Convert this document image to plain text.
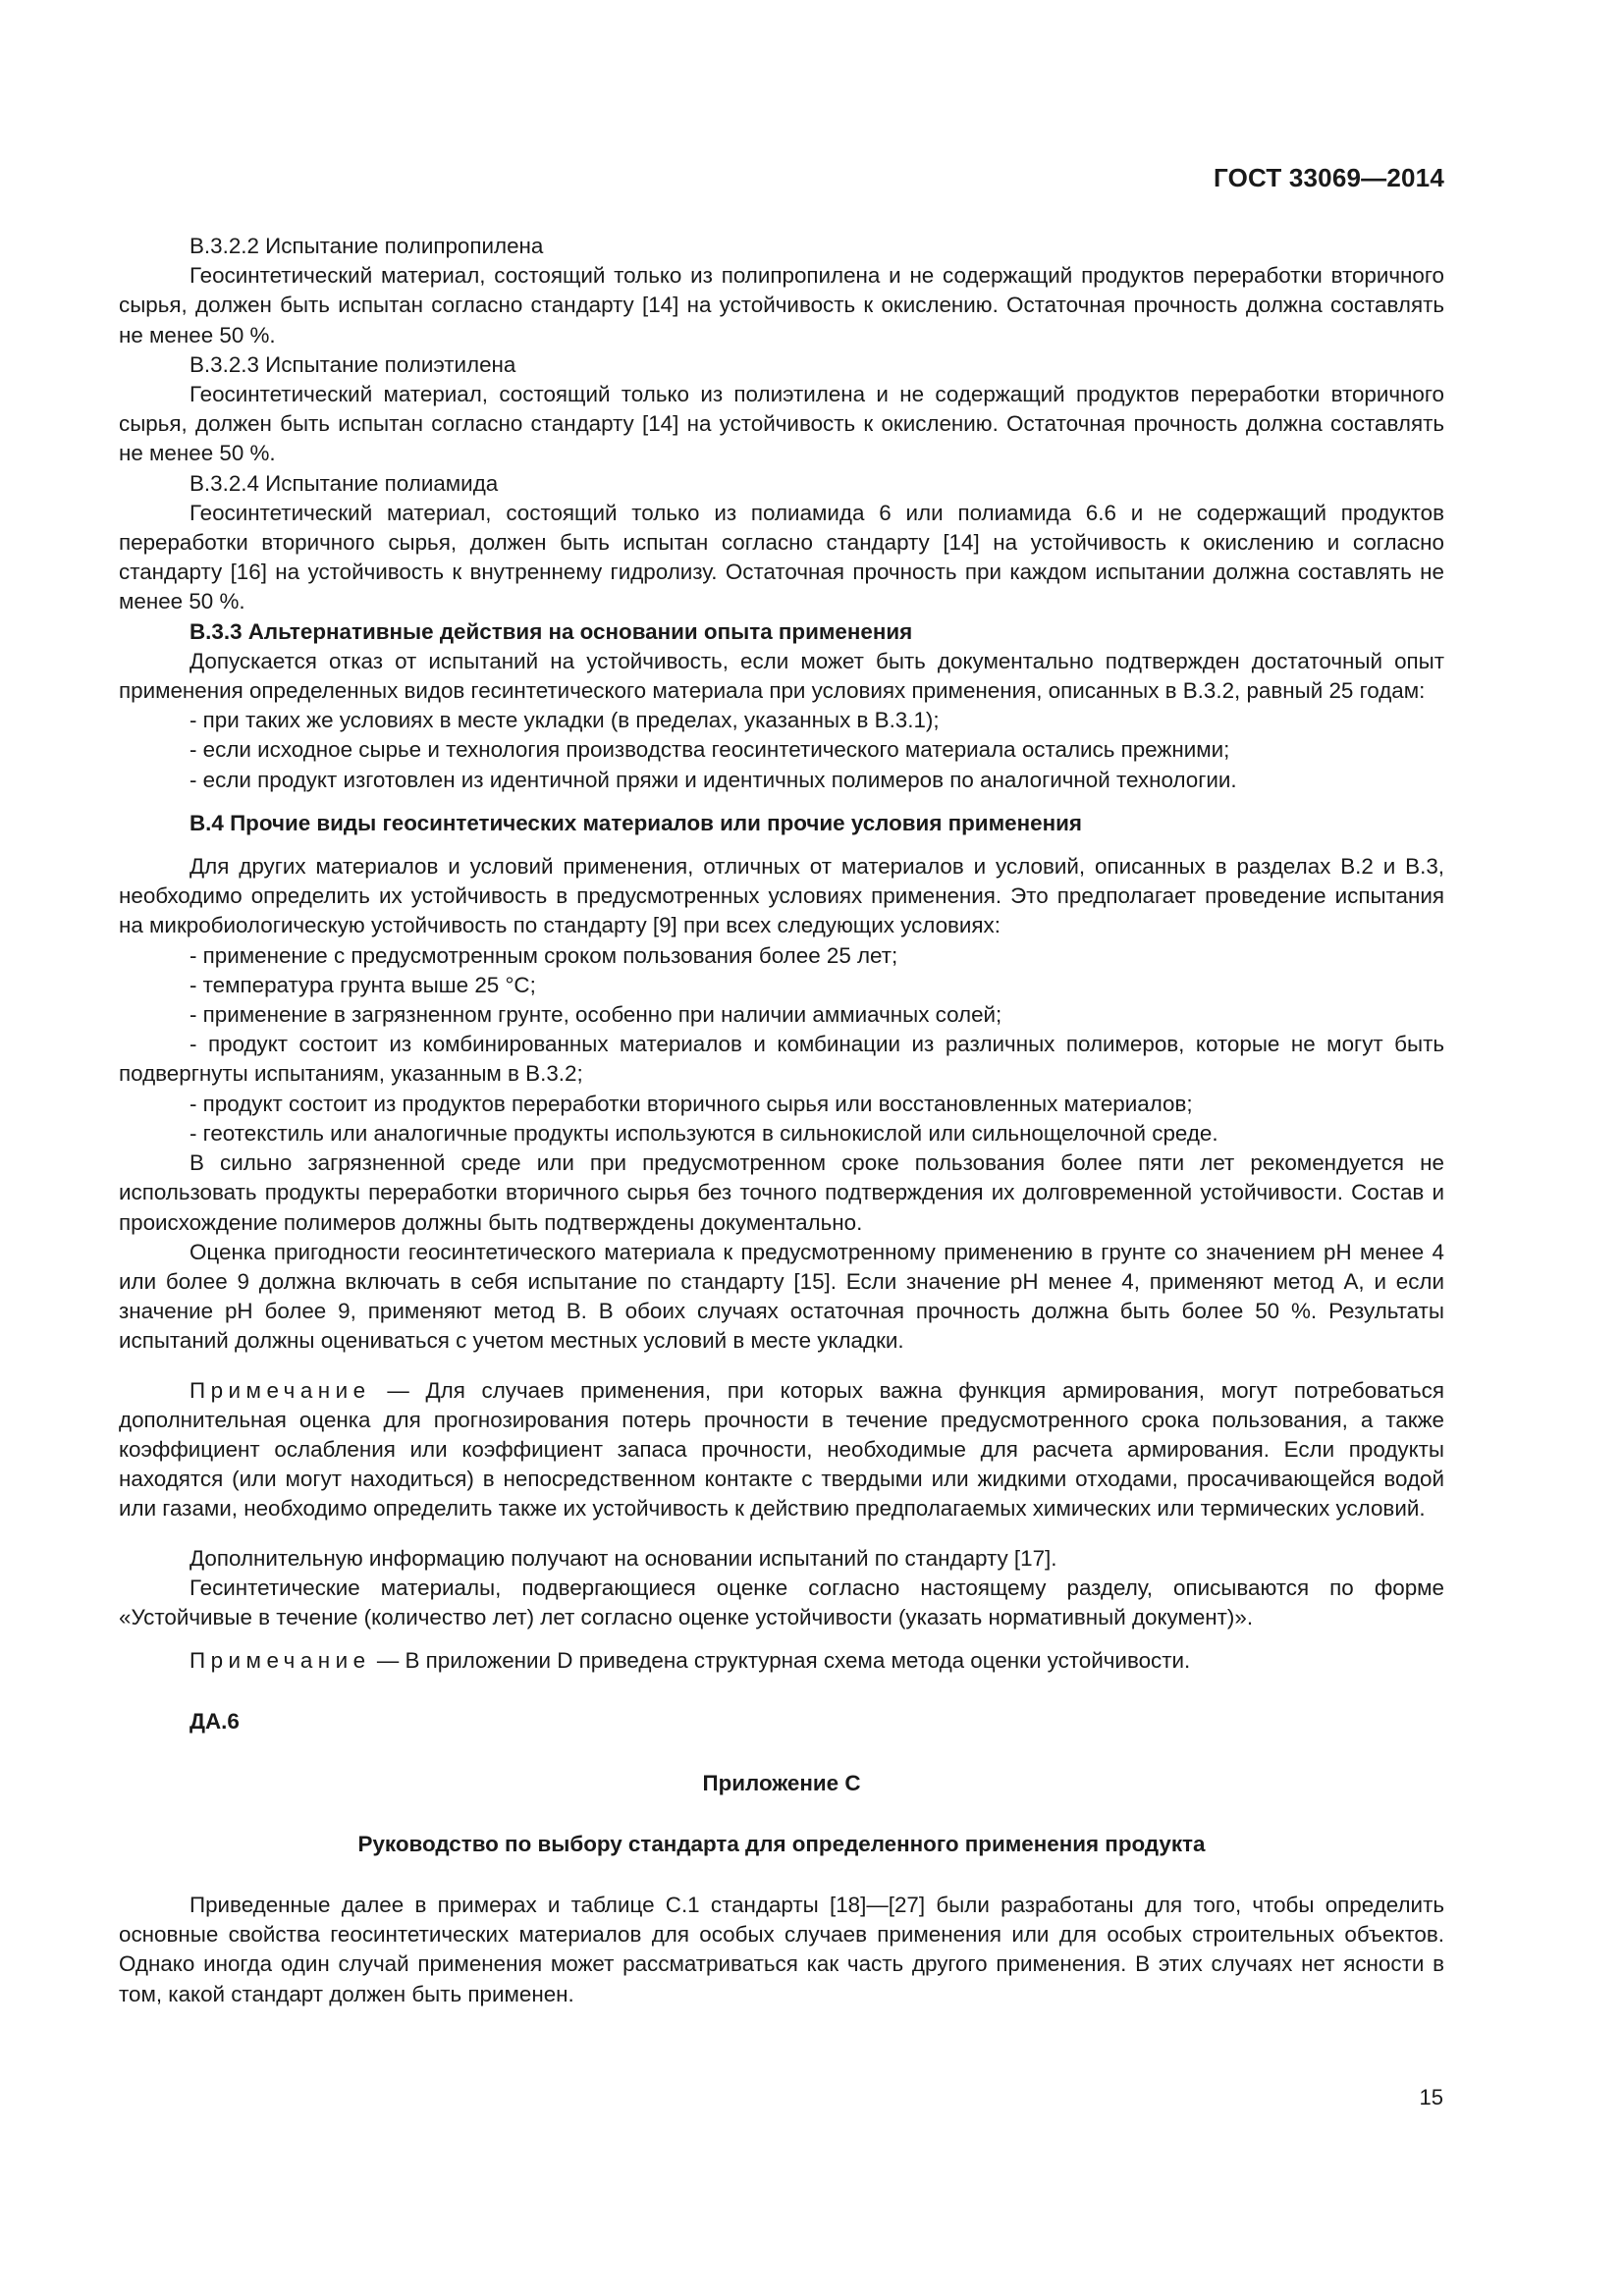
ГОСТ 33069—2014

В.3.2.2 Испытание полипропилена

Геосинтетический материал, состоящий только из полипропилена и не содержащий продуктов переработки вторичного сырья, должен быть испытан согласно стандарту [14] на устойчивость к окислению. Остаточная прочность должна составлять не менее 50 %.

В.3.2.3 Испытание полиэтилена

Геосинтетический материал, состоящий только из полиэтилена и не содержащий продуктов переработки вторичного сырья, должен быть испытан согласно стандарту [14] на устойчивость к окислению. Остаточная прочность должна составлять не менее 50 %.

В.3.2.4 Испытание полиамида

Геосинтетический материал, состоящий только из полиамида 6 или полиамида 6.6 и не содержащий продуктов переработки вторичного сырья, должен быть испытан согласно стандарту [14] на устойчивость к окислению и согласно стандарту [16] на устойчивость к внутреннему гидролизу. Остаточная прочность при каждом испытании должна составлять не менее 50 %.

В.3.3 Альтернативные действия на основании опыта применения

Допускается отказ от испытаний на устойчивость, если может быть документально подтвержден достаточный опыт применения определенных видов гесинтетического материала при условиях применения, описанных в В.3.2, равный 25 годам:

- при таких же условиях в месте укладки (в пределах, указанных в В.3.1);

- если исходное сырье и технология производства геосинтетического материала остались прежними;

- если продукт изготовлен из идентичной пряжи и идентичных полимеров по аналогичной технологии.

В.4 Прочие виды геосинтетических материалов или прочие условия применения

Для других материалов и условий применения, отличных от материалов и условий, описанных в разделах В.2 и В.3, необходимо определить их устойчивость в предусмотренных условиях применения. Это предполагает проведение испытания на микробиологическую устойчивость по стандарту [9] при всех следующих условиях:

- применение с предусмотренным сроком пользования более 25 лет;

- температура грунта выше 25 °С;

- применение в загрязненном грунте, особенно при наличии аммиачных солей;

- продукт состоит из комбинированных материалов и комбинации из различных полимеров, которые не могут быть подвергнуты испытаниям, указанным в В.3.2;

- продукт состоит из продуктов переработки вторичного сырья или восстановленных материалов;

- геотекстиль или аналогичные продукты используются в сильнокислой или сильнощелочной среде.

В сильно загрязненной среде или при предусмотренном сроке пользования более пяти лет рекомендуется не использовать продукты переработки вторичного сырья без точного подтверждения их долговременной устойчивости. Состав и происхождение полимеров должны быть подтверждены документально.

Оценка пригодности геосинтетического материала к предусмотренному применению в грунте со значением рН менее 4 или более 9 должна включать в себя испытание по стандарту [15]. Если значение рН менее 4, применяют метод А, и если значение рН более 9, применяют метод В. В обоих случаях остаточная прочность должна быть более 50 %. Результаты испытаний должны оцениваться с учетом местных условий в месте укладки.

Примечание — Для случаев применения, при которых важна функция армирования, могут потребоваться дополнительная оценка для прогнозирования потерь прочности в течение предусмотренного срока пользования, а также коэффициент ослабления или коэффициент запаса прочности, необходимые для расчета армирования. Если продукты находятся (или могут находиться) в непосредственном контакте с твердыми или жидкими отходами, просачивающейся водой или газами, необходимо определить также их устойчивость к действию предполагаемых химических или термических условий.

Дополнительную информацию получают на основании испытаний по стандарту [17].

Гесинтетические материалы, подвергающиеся оценке согласно настоящему разделу, описываются по форме «Устойчивые в течение (количество лет) лет согласно оценке устойчивости (указать нормативный документ)».

Примечание — В приложении D приведена структурная схема метода оценки устойчивости.

ДА.6

Приложение С

Руководство по выбору стандарта для определенного применения продукта

Приведенные далее в примерах и таблице С.1 стандарты [18]—[27] были разработаны для того, чтобы определить основные свойства геосинтетических материалов для особых случаев применения или для особых строительных объектов. Однако иногда один случай применения может рассматриваться как часть другого применения. В этих случаях нет ясности в том, какой стандарт должен быть применен.

15
